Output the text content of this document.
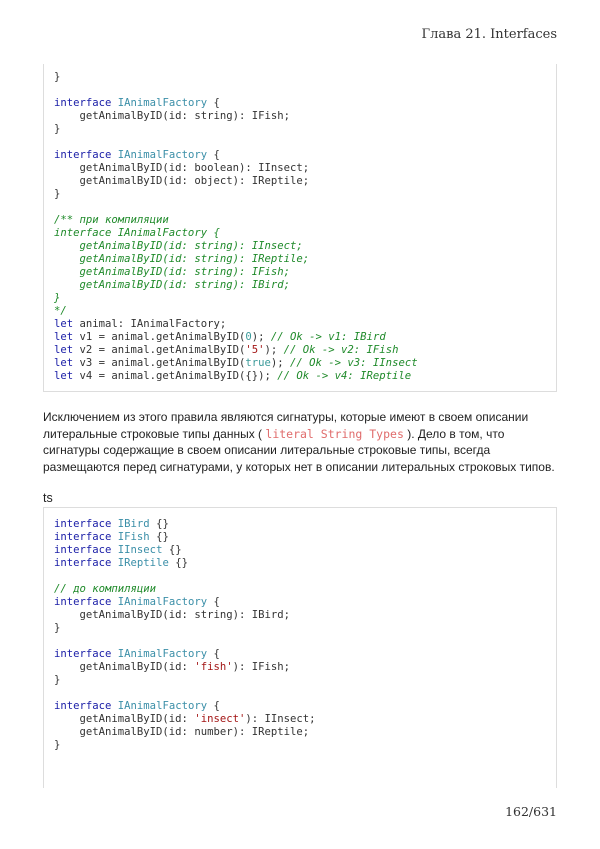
Глава 21. Interfaces
}
interface IAnimalFactory {
getAnimalByID(id: string): IFish;
}
interface IAnimalFactory {
getAnimalByID(id: boolean): IInsect;
getAnimalByID(id: object): IReptile;
}
/** при компиляции
interface IAnimalFactory {
getAnimalByID(id: string): IInsect;
getAnimalByID(id: string): IReptile;
getAnimalByID(id: string): IFish;
getAnimalByID(id: string): IBird;
}
*/
let animal: IAnimalFactory;
let v1 = animal.getAnimalByID(0); // Ok -> v1: IBird
let v2 = animal.getAnimalByID('5'); // Ok -> v2: IFish
let v3 = animal.getAnimalByID(true); // Ok -> v3: IInsect
let v4 = animal.getAnimalByID({}); // Ok -> v4: IReptile
Исключением из этого правила являются сигнатуры, которые имеют в своем описании литеральные строковые типы данных ( literal String Types ). Дело в том, что сигнатуры содержащие в своем описании литеральные строковые типы, всегда размещаются перед сигнатурами, у которых нет в описании литеральных строковых типов.
ts
interface IBird {}
interface IFish {}
interface IInsect {}
interface IReptile {}
// до компиляции
interface IAnimalFactory {
getAnimalByID(id: string): IBird;
}
interface IAnimalFactory {
getAnimalByID(id: 'fish'): IFish;
}
interface IAnimalFactory {
getAnimalByID(id: 'insect'): IInsect;
getAnimalByID(id: number): IReptile;
}
162/631
